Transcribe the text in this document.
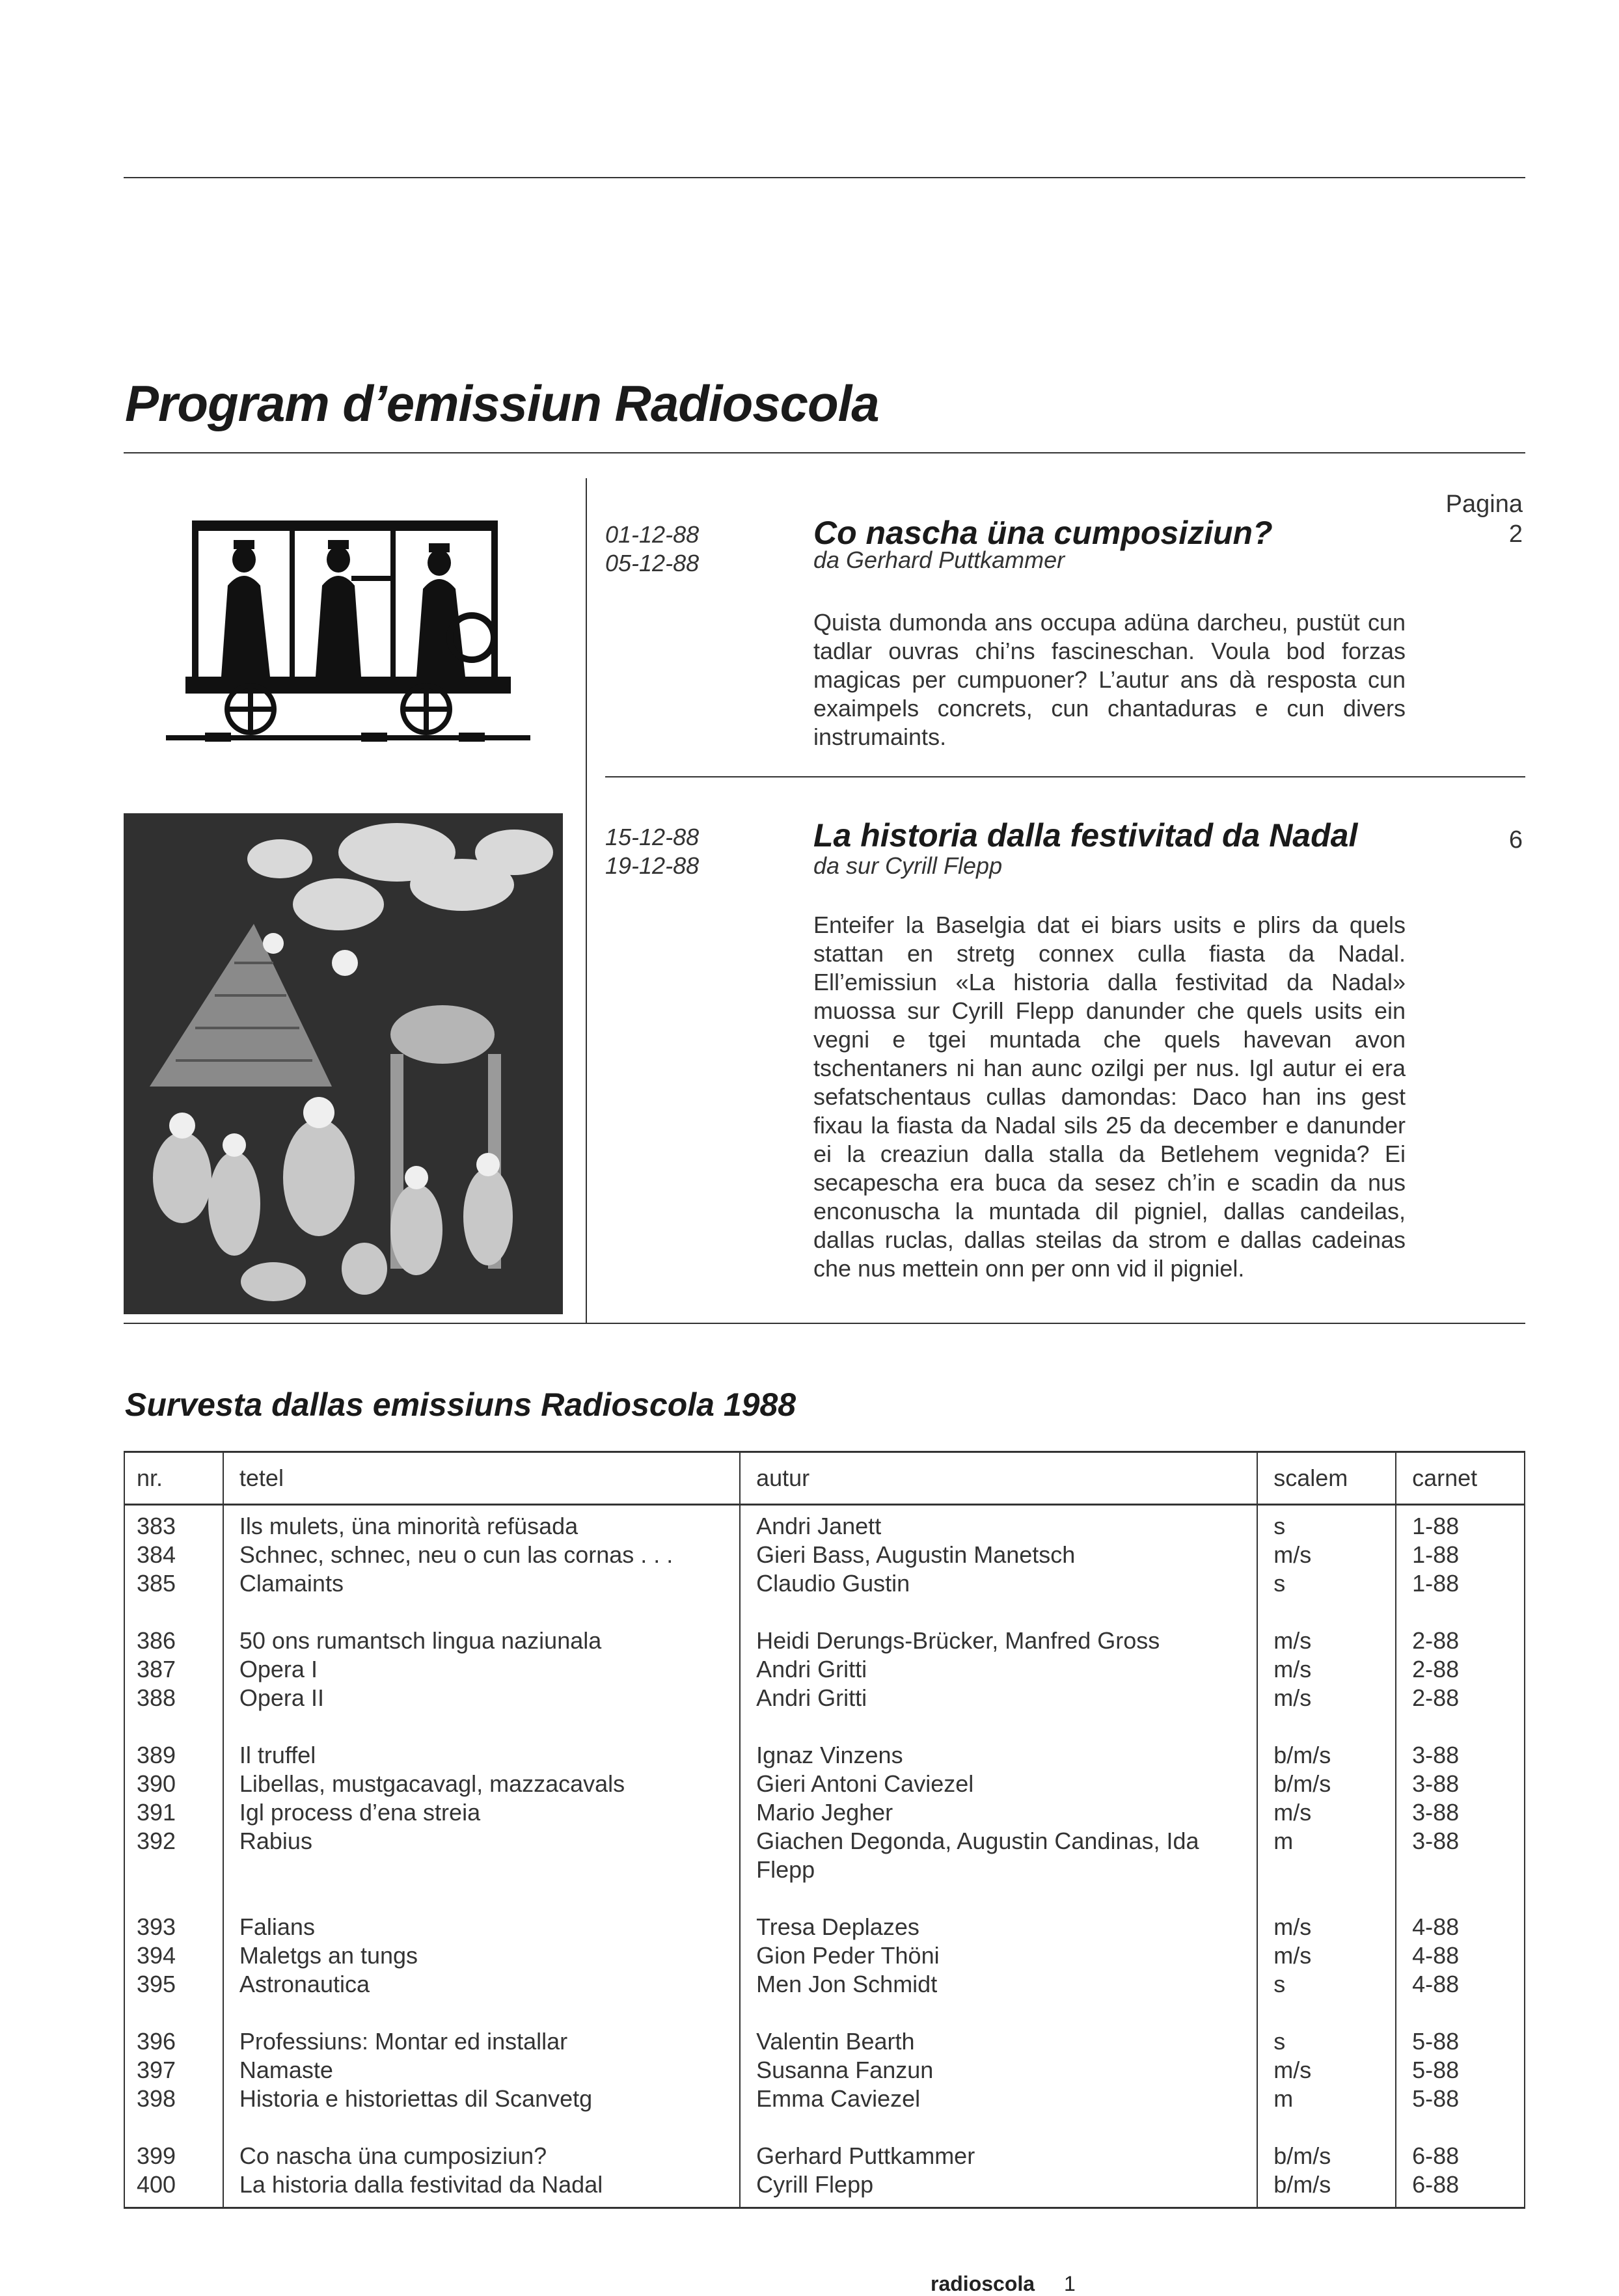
Program d’emissiun Radioscola
Pagina
01-12-88
05-12-88
Co nascha üna cumposiziun?
da Gerhard Puttkammer
2

Quista dumonda ans occupa adüna darcheu, pustüt cun tadlar ouvras chi’ns fascineschan. Voula bod forzas magicas per cumpuoner? L’autur ans dà resposta cun exaimpels concrets, cun chantaduras e cun divers instrumaints.

15-12-88
19-12-88
La historia dalla festivitad da Nadal
da sur Cyrill Flepp
6

Enteifer la Baselgia dat ei biars usits e plirs da quels stattan en stretg connex culla fiasta da Nadal. Ell’emissiun «La historia dalla festivitad da Nadal» muossa sur Cyrill Flepp danunder che quels usits ein vegni e tgei muntada che quels havevan avon tschentaners ni han aunc ozilgi per nus. Igl autur ei era sefatschentaus cullas damondas: Daco han ins gest fixau la fiasta da Nadal sils 25 da december e danunder ei la creaziun dalla stalla da Betlehem vegnida? Ei secapescha era buca da sesez ch’in e scadin da nus enconuscha la muntada dil pigniel, dallas candeilas, dallas ruclas, dallas steilas da strom e dallas cadeinas che nus mettein onn per onn vid il pigniel.

Survesta dallas emissiuns Radioscola 1988
nr.	tetel	autur	scalem	carnet
383	Ils mulets, üna minorità refüsada	Andri Janett	s	1-88
384	Schnec, schnec, neu o cun las cornas . . .	Gieri Bass, Augustin Manetsch	m/s	1-88
385	Clamaints	Claudio Gustin	s	1-88
386	50 ons rumantsch lingua naziunala	Heidi Derungs-Brücker, Manfred Gross	m/s	2-88
387	Opera I	Andri Gritti	m/s	2-88
388	Opera II	Andri Gritti	m/s	2-88
389	Il truffel	Ignaz Vinzens	b/m/s	3-88
390	Libellas, mustgacavagl, mazzacavals	Gieri Antoni Caviezel	b/m/s	3-88
391	Igl process d’ena streia	Mario Jegher	m/s	3-88
392	Rabius	Giachen Degonda, Augustin Candinas, Ida Flepp	m	3-88
393	Falians	Tresa Deplazes	m/s	4-88
394	Maletgs an tungs	Gion Peder Thöni	m/s	4-88
395	Astronautica	Men Jon Schmidt	s	4-88
396	Professiuns: Montar ed installar	Valentin Bearth	s	5-88
397	Namaste	Susanna Fanzun	m/s	5-88
398	Historia e historiettas dil Scanvetg	Emma Caviezel	m	5-88
399	Co nascha üna cumposiziun?	Gerhard Puttkammer	b/m/s	6-88
400	La historia dalla festivitad da Nadal	Cyrill Flepp	b/m/s	6-88
radioscola 1
